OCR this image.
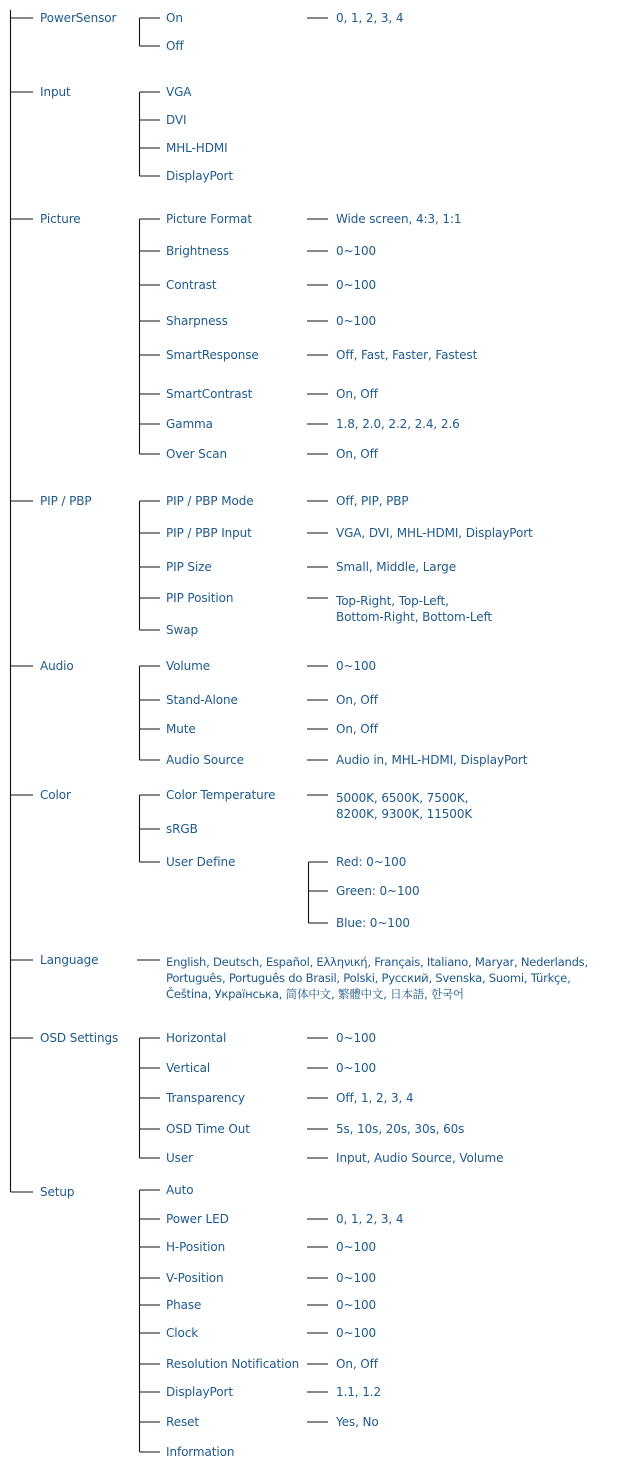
PowerSensor	On	0, 1, 2, 3, 4
Off
Input	VGA
DVI
MHL-HDMI
DisplayPort
Picture	Picture Format	Wide screen, 4:3, 1:1
Brightness	0~100
Contrast	0~100
Sharpness	0~100
SmartResponse	Off, Fast, Faster, Fastest
SmartContrast	On, Off
Gamma	1.8, 2.0, 2.2, 2.4, 2.6
Over Scan	On, Off
PIP / PBP	PIP / PBP Mode	Off, PIP, PBP
PIP / PBP Input	VGA, DVI, MHL-HDMI, DisplayPort
PIP Size	Small, Middle, Large
PIP Position	Top-Right, Top-Left,
Bottom-Right, Bottom-Left
Swap
Audio	Volume	0~100
Stand-Alone	On, Off
Mute	On, Off
Audio Source	Audio in, MHL-HDMI, DisplayPort
Color	Color Temperature	5000K, 6500K, 7500K,
8200K, 9300K, 11500K
sRGB
User Define	Red: 0~100
Green: 0~100
Blue: 0~100
Language	English, Deutsch, Español, Ελληνική, Français, Italiano, Maryar, Nederlands,
Português, Português do Brasil, Polski, Русский, Svenska, Suomi, Türkçe,
Čeština, Українська, 简体中文, 繁體中文, 日本語, 한국어
OSD Settings	Horizontal	0~100
Vertical	0~100
Transparency	Off, 1, 2, 3, 4
OSD Time Out	5s, 10s, 20s, 30s, 60s
User	Input, Audio Source, Volume
Setup	Auto
Power LED	0, 1, 2, 3, 4
H-Position	0~100
V-Position	0~100
Phase	0~100
Clock	0~100
Resolution Notification	On, Off
DisplayPort	1.1, 1.2
Reset	Yes, No
Information
